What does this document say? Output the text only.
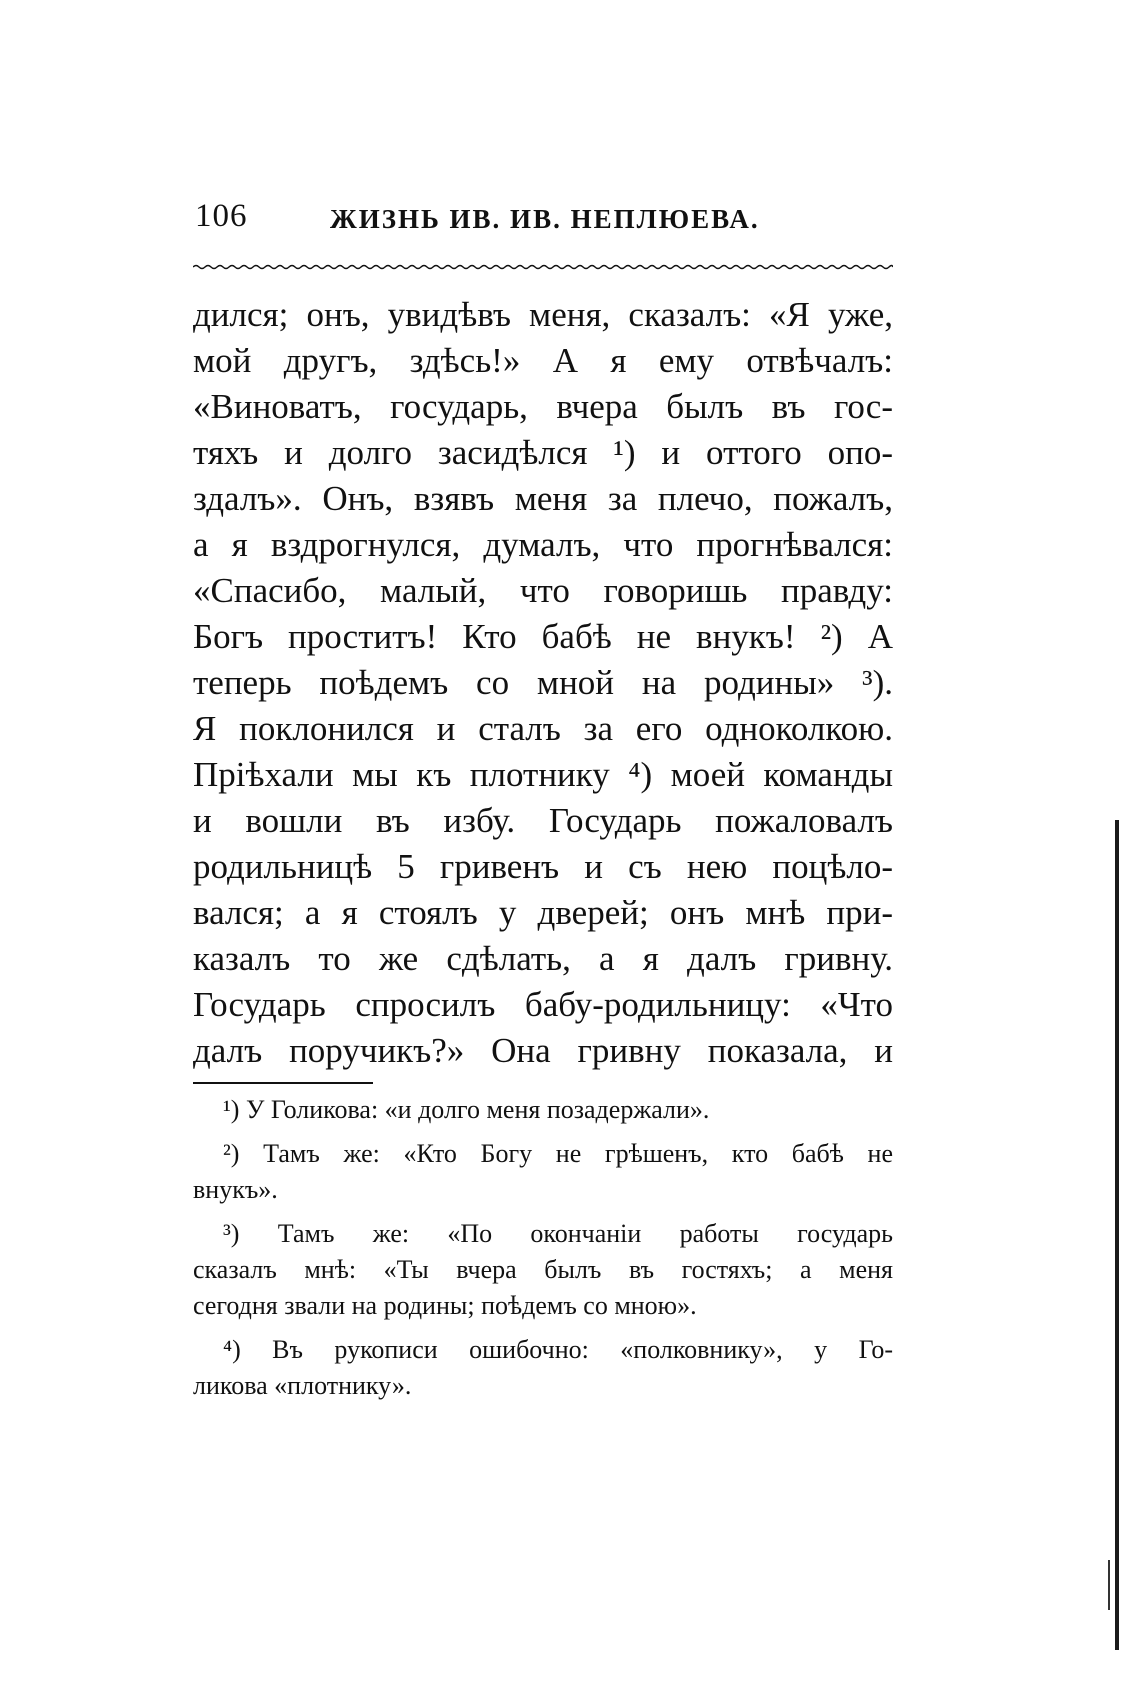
106	ЖИЗНЬ ИВ. ИВ. НЕПЛЮЕВА.
дился; онъ, увидѣвъ меня, сказалъ: «Я уже,
мой другъ, здѣсь!» А я ему отвѣчалъ:
«Виноватъ, государь, вчера былъ въ гос-
тяхъ и долго засидѣлся ¹) и оттого опо-
здалъ». Онъ, взявъ меня за плечо, пожалъ,
а я вздрогнулся, думалъ, что прогнѣвался:
«Спасибо, малый, что говоришь правду:
Богъ проститъ! Кто бабѣ не внукъ! ²) А
теперь поѣдемъ со мной на родины» ³).
Я поклонился и сталъ за его одноколкою.
Пріѣхали мы къ плотнику ⁴) моей команды
и вошли въ избу. Государь пожаловалъ
родильницѣ 5 гривенъ и съ нею поцѣло-
вался; а я стоялъ у дверей; онъ мнѣ при-
казалъ то же сдѣлать, а я далъ гривну.
Государь спросилъ бабу-родильницу: «Что
далъ поручикъ?» Она гривну показала, и
¹) У Голикова: «и долго меня позадержали».
²) Тамъ же: «Кто Богу не грѣшенъ, кто бабѣ не
внукъ».
³) Тамъ же: «По окончаніи работы государь
сказалъ мнѣ: «Ты вчера былъ въ гостяхъ; а меня
сегодня звали на родины; поѣдемъ со мною».
⁴) Въ рукописи ошибочно: «полковнику», у Го-
ликова «плотнику».
